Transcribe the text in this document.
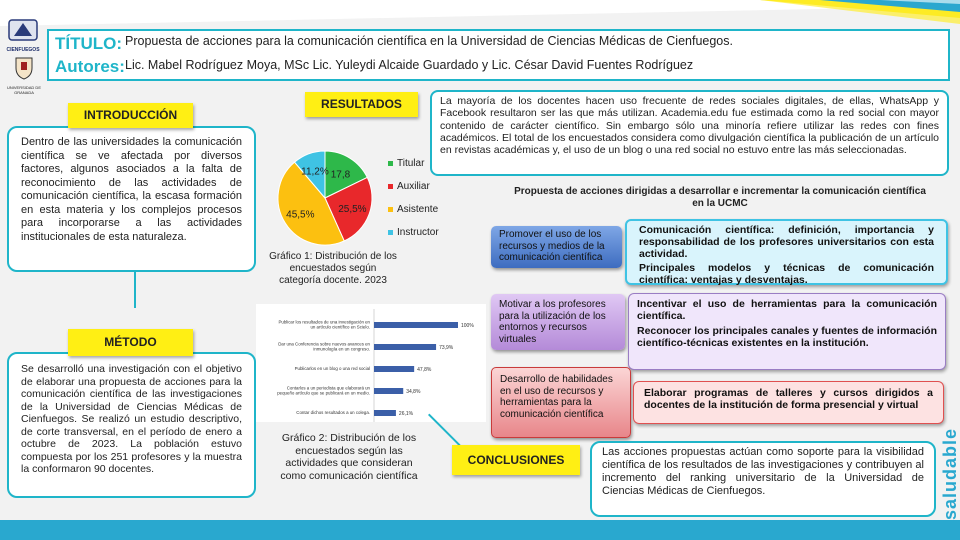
CIENFUEGOS
UNIVERSIDAD DE GRANADA
TÍTULO: Propuesta de acciones para la comunicación científica en la Universidad de Ciencias Médicas de Cienfuegos.
Autores: Lic. Mabel Rodríguez Moya, MSc Lic. Yuleydi Alcaide Guardado y Lic. César David Fuentes Rodríguez
Dentro de las universidades la comunicación científica se ve afectada por diversos factores, algunos asociados a la falta de reconocimiento de las actividades de comunicación científica, la escasa formación en esta materia y los complejos procesos para incorporarse a las actividades institucionales de esta naturaleza.
INTRODUCCIÓN
Se desarrolló una investigación con el objetivo de elaborar una propuesta de acciones para la comunicación científica de las investigaciones de la Universidad de Ciencias Médicas de Cienfuegos. Se realizó un estudio descriptivo, de corte transversal, en el período de enero a octubre de 2023. La población estuvo compuesta por los 251 profesores y la muestra la conformaron 90 docentes.
MÉTODO
RESULTADOS	La mayoría de los docentes hacen uso frecuente de redes sociales digitales, de ellas, WhatsApp y Facebook resultaron ser las que más utilizan. Academia.edu fue estimada como la red social con mayor contenido de carácter científico. Sin embargo sólo una minoría refiere utilizar las redes con fines académicos. El total de los encuestados considera como divulgación científica la publicación de un artículo en revistas académicas y, el uso de un blog o una red social no estuvo entre las más seleccionadas.
17,8
25,5%
45,5%
11,2%
Titular
Auxiliar
Asistente
Instructor
Gráfico 1: Distribución de los encuestados según categoría docente. 2023
100%
Publicar los resultados de una investigación en un artículo científico en Scielo.
73,9%
Dar una Conferencia sobre nuevos avances en inmunología en un congreso.
47,8%
Publicarlos en un blog o una red social
34,8%
Contarlos a un periodista que elaborará un pequeño artículo que se publicará en un medio.
26,1%
Contar dichos resultados a un colega.
Gráfico 2: Distribución de los encuestados según las actividades que consideran como comunicación científica
Propuesta de acciones dirigidas a desarrollar e incrementar la comunicación científica en la UCMC
Promover el uso de los recursos y medios de la comunicación científica
Comunicación científica: definición, importancia y responsabilidad de los profesores universitarios con esta actividad.
Principales modelos y técnicas de comunicación científica: ventajas y desventajas.
Motivar a los profesores para la utilización de los entornos y recursos virtuales
Incentivar el uso de herramientas para la comunicación científica.
Reconocer los principales canales y fuentes de información científico-técnicas existentes en la institución.
Desarrollo de habilidades en el uso de recursos y herramientas para la comunicación científica
Elaborar programas de talleres y cursos dirigidos a docentes de la institución de forma presencial y virtual
Las acciones propuestas actúan como soporte para la visibilidad científica de los resultados de las investigaciones y contribuyen al incremento del ranking universitario de la Universidad de Ciencias Médicas de Cienfuegos.
CONCLUSIONES	saludable
